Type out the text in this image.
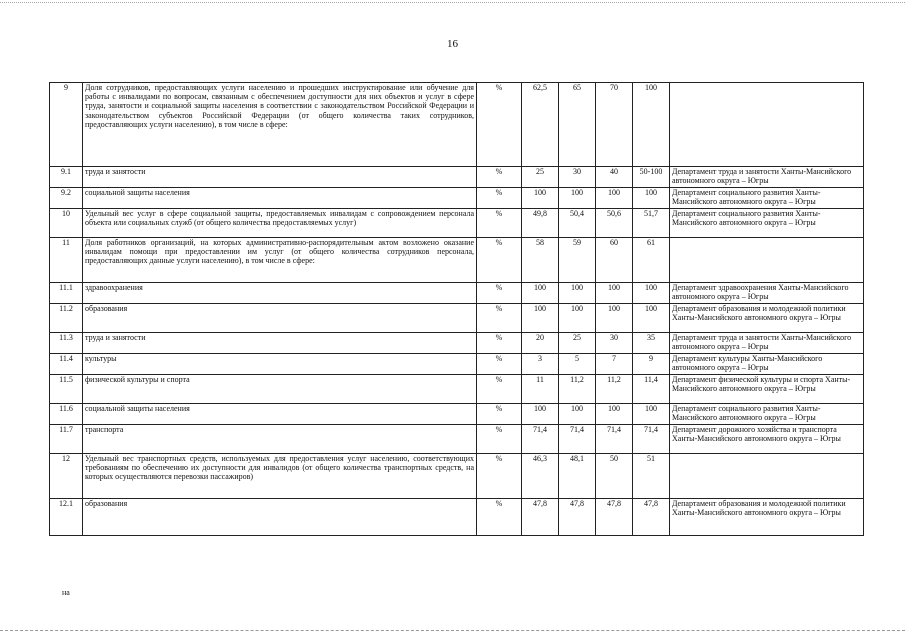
16
9	Доля сотрудников, предоставляющих услуги населению и прошедших инструктирование или обучение для работы с инвалидами по вопросам, связанным с обеспечением доступности для них объектов и услуг в сфере труда, занятости и социальной защиты населения в соответствии с законодательством Российской Федерации и законодательством субъектов Российской Федерации (от общего количества таких сотрудников, предоставляющих услуги населению), в том числе в сфере:	%	62,5	65	70	100	
9.1	труда и занятости	%	25	30	40	50-100	Департамент труда и занятости Ханты-Мансийского автономного округа – Югры
9.2	социальной защиты населения	%	100	100	100	100	Департамент социального развития Ханты-Мансийского автономного округа – Югры
10	Удельный вес услуг в сфере социальной защиты, предоставляемых инвалидам с сопровождением персонала объекта или социальных служб (от общего количества предоставляемых услуг)	%	49,8	50,4	50,6	51,7	Департамент социального развития Ханты-Мансийского автономного округа – Югры
11	Доля работников организаций, на которых административно-распорядительным актом возложено оказание инвалидам помощи при предоставлении им услуг (от общего количества сотрудников персонала, предоставляющих данные услуги населению), в том числе в сфере:	%	58	59	60	61	
11.1	здравоохранения	%	100	100	100	100	Департамент здравоохранения Ханты-Мансийского автономного округа – Югры
11.2	образования	%	100	100	100	100	Департамент образования и молодежной политики Ханты-Мансийского автономного округа – Югры
11.3	труда и занятости	%	20	25	30	35	Департамент труда и занятости Ханты-Мансийского автономного округа – Югры
11.4	культуры	%	3	5	7	9	Департамент культуры Ханты-Мансийского автономного округа – Югры
11.5	физической культуры и спорта	%	11	11,2	11,2	11,4	Департамент физической культуры и спорта Ханты-Мансийского автономного округа – Югры
11.6	социальной защиты населения	%	100	100	100	100	Департамент социального развития Ханты-Мансийского автономного округа – Югры
11.7	транспорта	%	71,4	71,4	71,4	71,4	Департамент дорожного хозяйства и транспорта Ханты-Мансийского автономного округа – Югры
12	Удельный вес транспортных средств, используемых для предоставления услуг населению, соответствующих требованиям по обеспечению их доступности для инвалидов (от общего количества транспортных средств, на которых осуществляются перевозки пассажиров)	%	46,3	48,1	50	51	
12.1	образования	%	47,8	47,8	47,8	47,8	Департамент образования и молодежной политики Ханты-Мансийского автономного округа – Югры
на
